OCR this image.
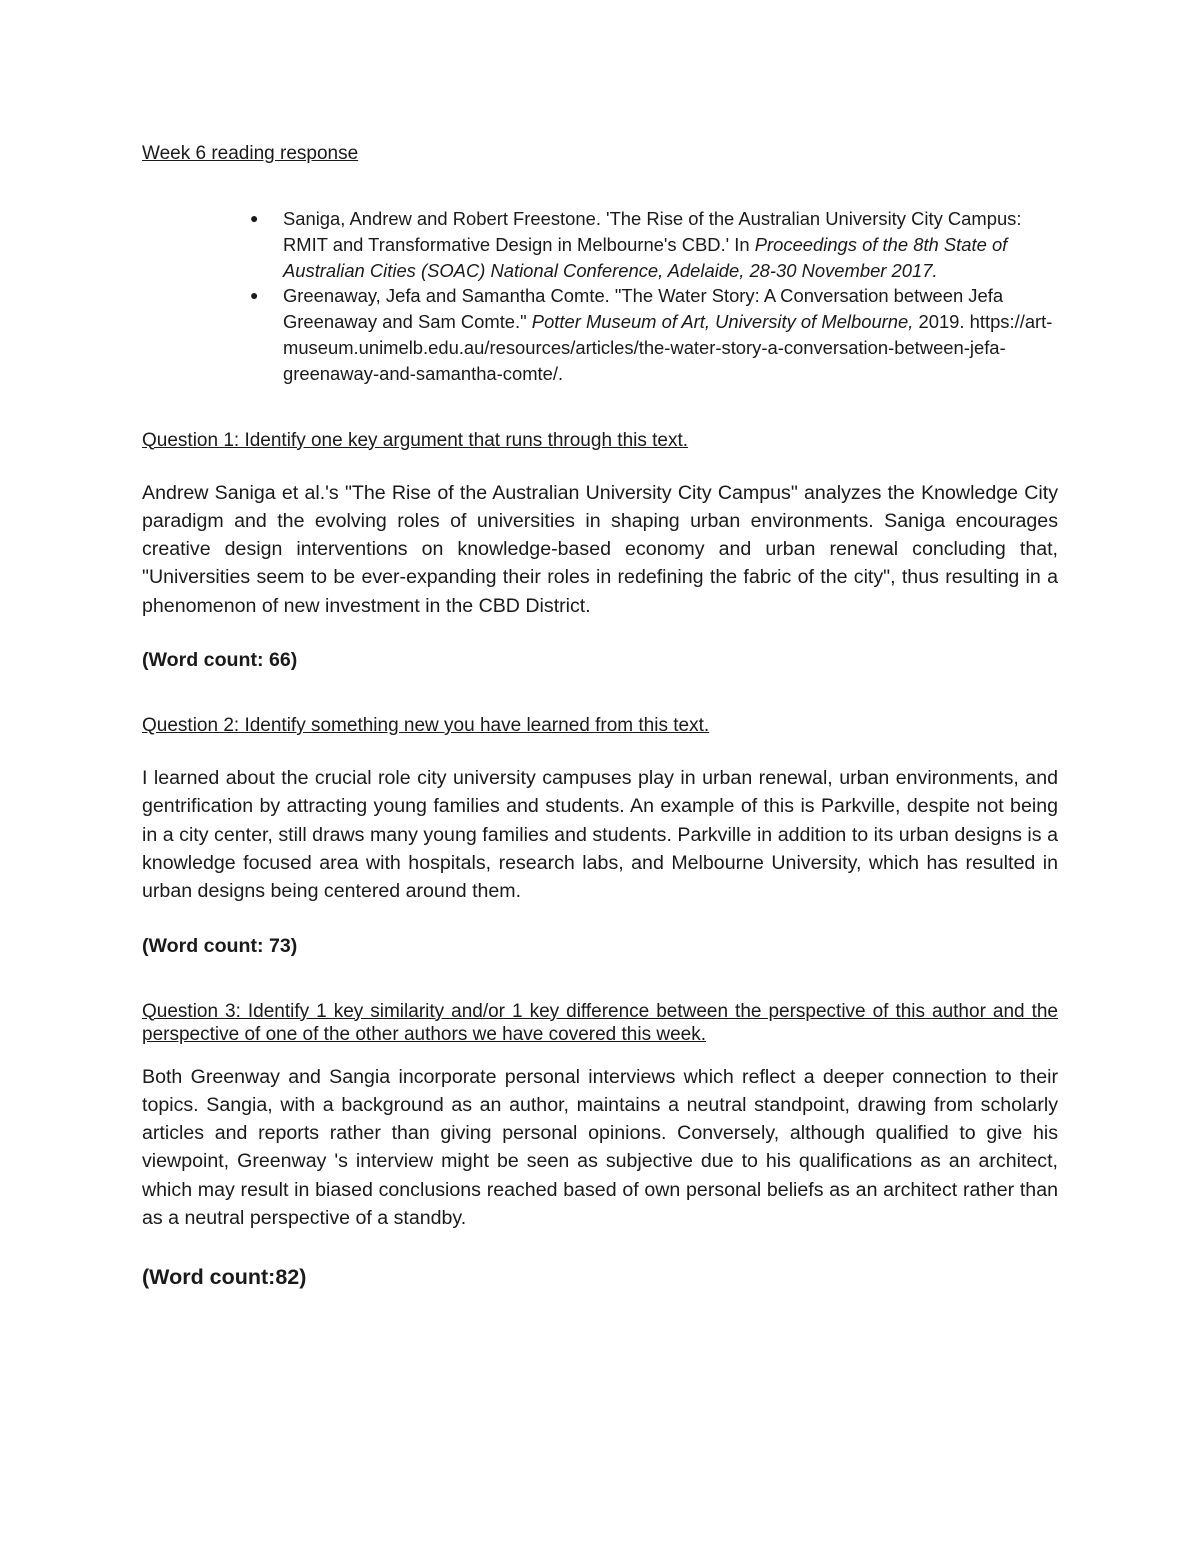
Week 6 reading response

● Saniga, Andrew and Robert Freestone. 'The Rise of the Australian University City Campus: RMIT and Transformative Design in Melbourne's CBD.' In Proceedings of the 8th State of Australian Cities (SOAC) National Conference, Adelaide, 28-30 November 2017.
● Greenaway, Jefa and Samantha Comte. "The Water Story: A Conversation between Jefa Greenaway and Sam Comte." Potter Museum of Art, University of Melbourne, 2019. https://art-museum.unimelb.edu.au/resources/articles/the-water-story-a-conversation-between-jefa-greenaway-and-samantha-comte/.

Question 1: Identify one key argument that runs through this text.

Andrew Saniga et al.'s "The Rise of the Australian University City Campus" analyzes the Knowledge City paradigm and the evolving roles of universities in shaping urban environments. Saniga encourages creative design interventions on knowledge-based economy and urban renewal concluding that, "Universities seem to be ever-expanding their roles in redefining the fabric of the city", thus resulting in a phenomenon of new investment in the CBD District.

(Word count: 66)

Question 2: Identify something new you have learned from this text.

I learned about the crucial role city university campuses play in urban renewal, urban environments, and gentrification by attracting young families and students. An example of this is Parkville, despite not being in a city center, still draws many young families and students. Parkville in addition to its urban designs is a knowledge focused area with hospitals, research labs, and Melbourne University, which has resulted in urban designs being centered around them.

(Word count: 73)

Question 3: Identify 1 key similarity and/or 1 key difference between the perspective of this author and the perspective of one of the other authors we have covered this week.

Both Greenway and Sangia incorporate personal interviews which reflect a deeper connection to their topics. Sangia, with a background as an author, maintains a neutral standpoint, drawing from scholarly articles and reports rather than giving personal opinions. Conversely, although qualified to give his viewpoint, Greenway 's interview might be seen as subjective due to his qualifications as an architect, which may result in biased conclusions reached based of own personal beliefs as an architect rather than as a neutral perspective of a standby.

(Word count:82)
